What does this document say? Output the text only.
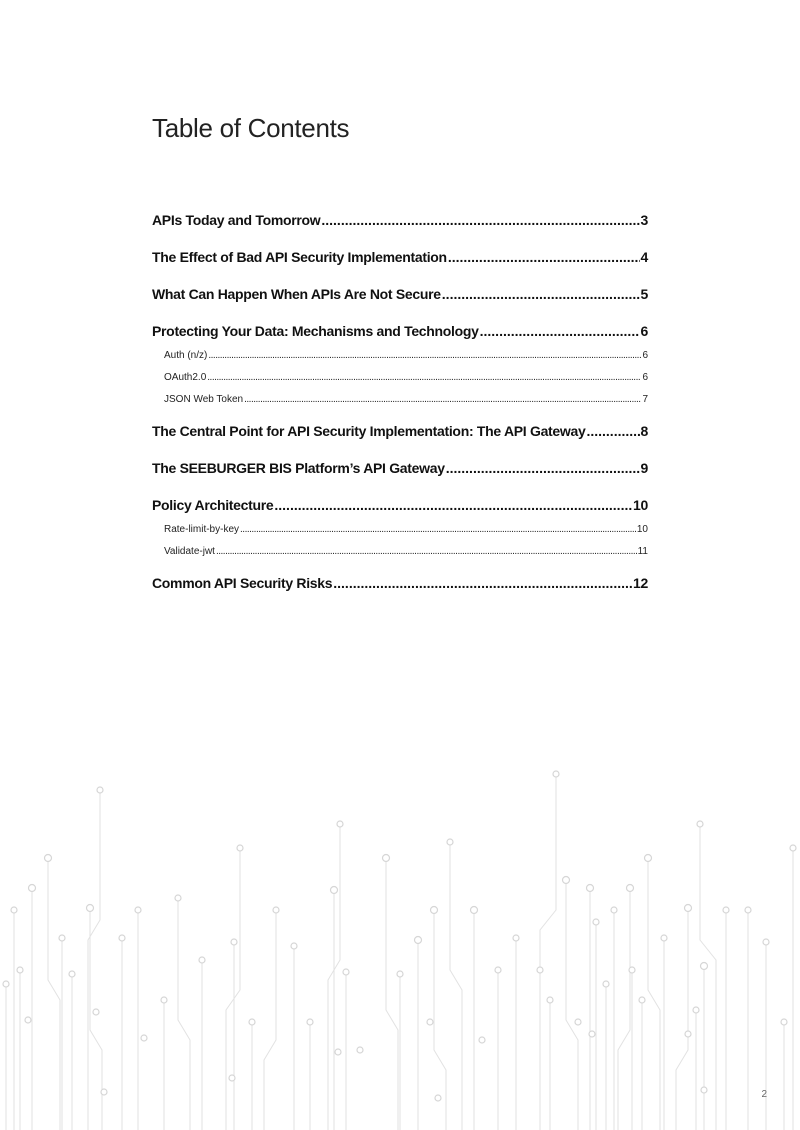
Table of Contents
APIs Today and Tomorrow .....	3
The Effect of Bad API Security Implementation .....	4
What Can Happen When APIs Are Not Secure .....	5
Protecting Your Data: Mechanisms and Technology .....	6
Auth (n/z) .....	6
OAuth2.0 .....	6
JSON Web Token .....	7
The Central Point for API Security Implementation: The API Gateway .....	8
The SEEBURGER BIS Platform’s API Gateway .....	9
Policy Architecture .....	10
Rate-limit-by-key .....	10
Validate-jwt .....	11
Common API Security Risks .....	12
2
